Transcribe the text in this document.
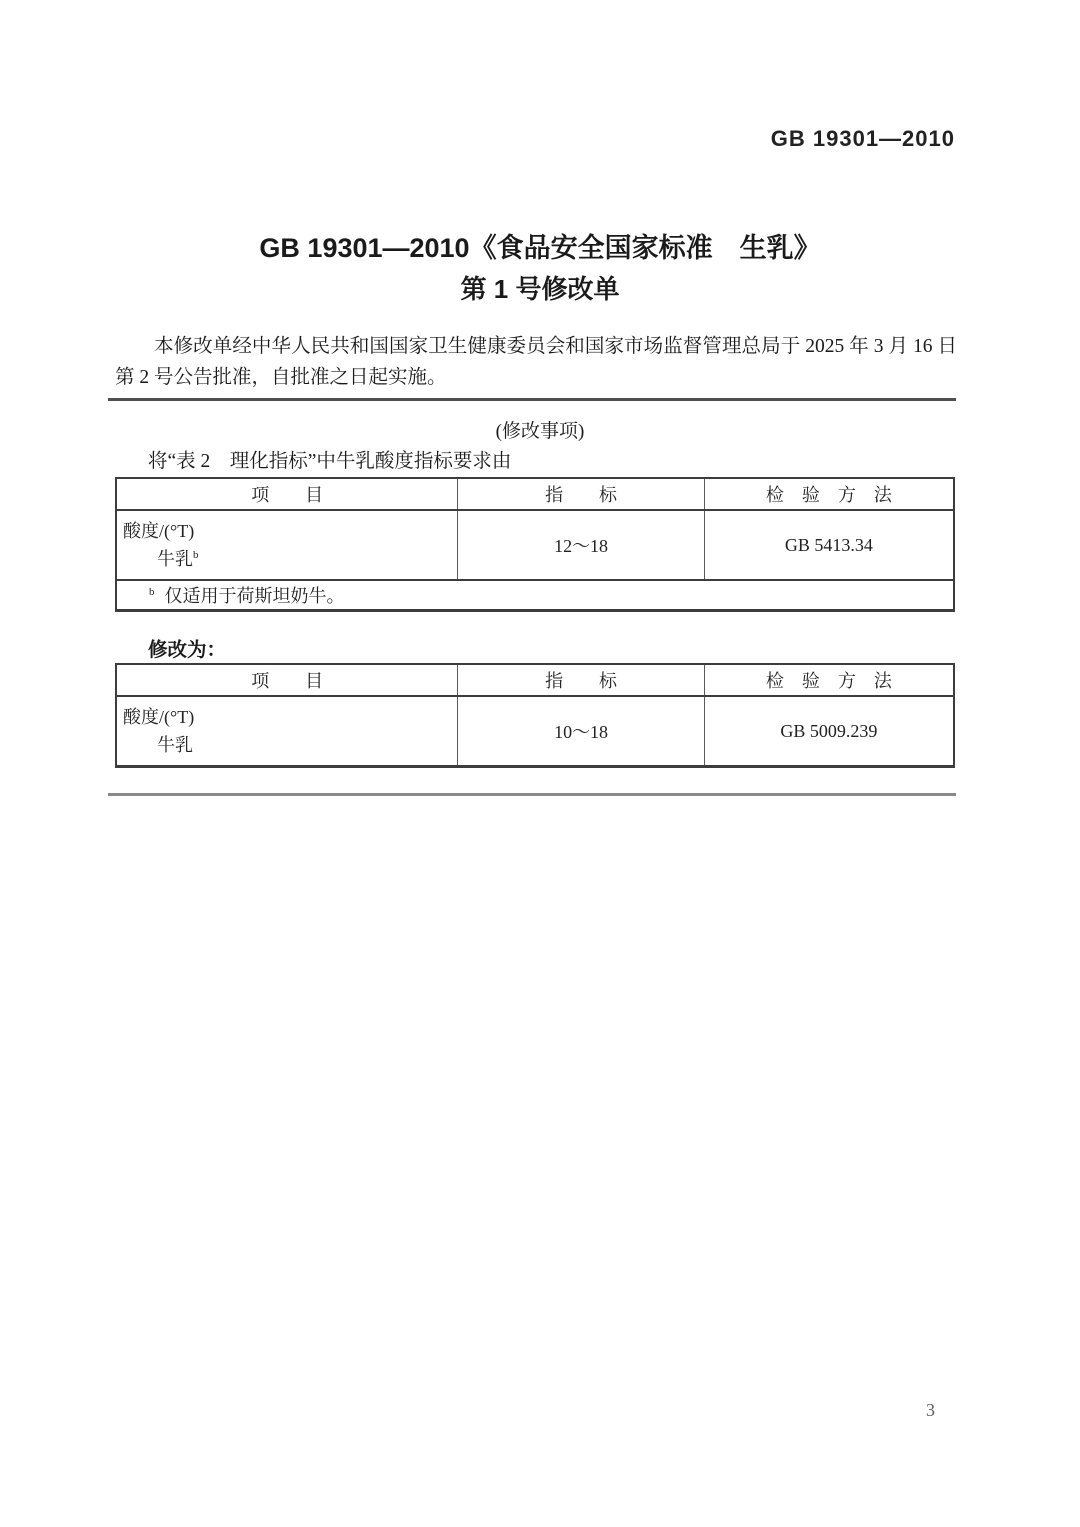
GB 19301—2010
GB 19301—2010《食品安全国家标准　生乳》
第 1 号修改单

本修改单经中华人民共和国国家卫生健康委员会和国家市场监督管理总局于 2025 年 3 月 16 日第 2 号公告批准，自批准之日起实施。

(修改事项)
将“表 2　理化指标”中牛乳酸度指标要求由
项　　目	指　　标	检　验　方　法

酸度/(°T)
牛乳$^b$	12～18	GB 5413.34
$^b$ 仅适用于荷斯坦奶牛。		
修改为：
项　　目	指　　标	检　验　方　法

酸度/(°T)
牛乳	10～18	GB 5009.239
3
